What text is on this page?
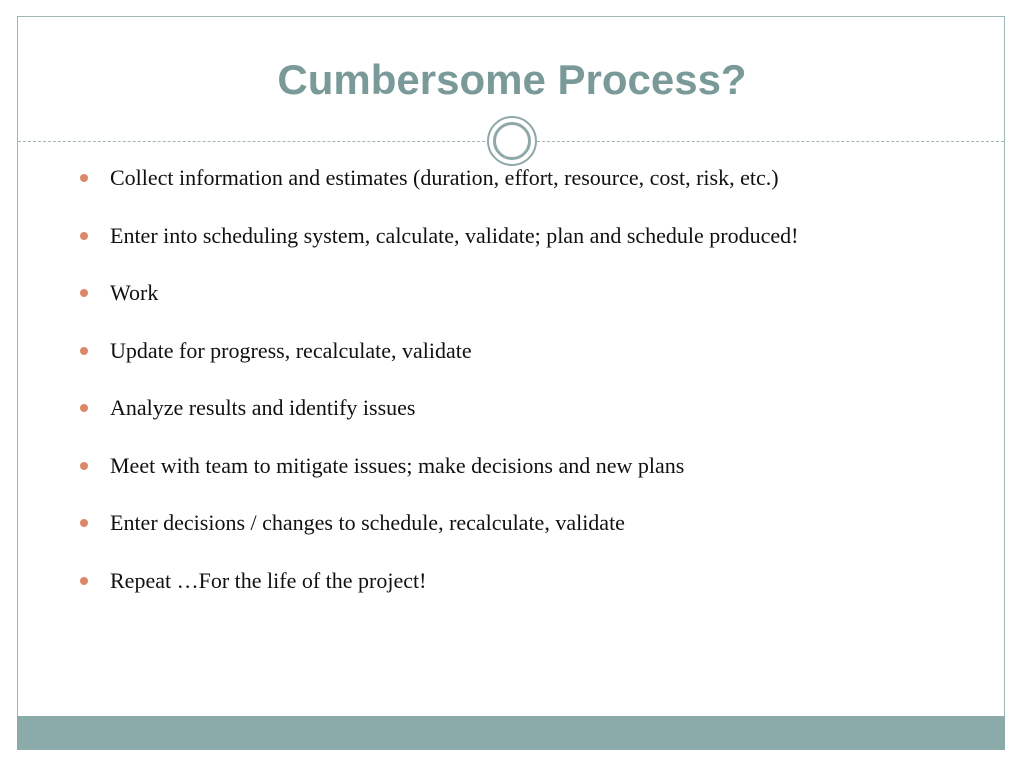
Cumbersome Process?
Collect information and estimates (duration, effort, resource, cost, risk, etc.)
Enter into scheduling system, calculate, validate; plan and schedule produced!
Work
Update for progress, recalculate, validate
Analyze results and identify issues
Meet with team to mitigate issues; make decisions and new plans
Enter decisions / changes to schedule, recalculate, validate
Repeat …For the life of the project!
